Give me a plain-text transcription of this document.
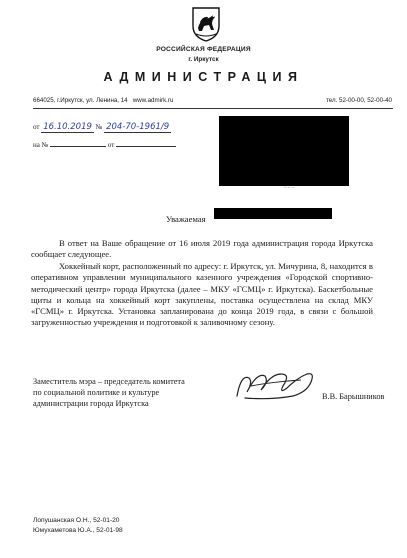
РОССИЙСКАЯ ФЕДЕРАЦИЯ
г. Иркутск
АДМИНИСТРАЦИЯ
664025, г.Иркутск, ул. Ленина, 14 www.admirk.ru	тел. 52-00-00, 52-00-40
от 16.10.2019 № 204-70-1961/9
на №	от
‒ ‒ ‒
Уважаемая
В ответ на Ваше обращение от 16 июля 2019 года администрация города Иркутска сообщает следующее.
Хоккейный корт, расположенный по адресу: г. Иркутск, ул. Мичурина, 8, находится в оперативном управлении муниципального казенного учреждения «Городской спортивно-методический центр» города Иркутска (далее – МКУ «ГСМЦ» г. Иркутска). Баскетбольные щиты и кольца на хоккейный корт закуплены, поставка осуществлена на склад МКУ «ГСМЦ» г. Иркутска. Установка запланирована до конца 2019 года, в связи с большой загруженностью учреждения и подготовкой к заливочному сезону.
Заместитель мэра – председатель комитета
по социальной политике и культуре
администрации города Иркутска
В.В. Барышников
Лопушанская О.Н., 52-01-20
Юмухаметова Ю.А., 52-01-98
